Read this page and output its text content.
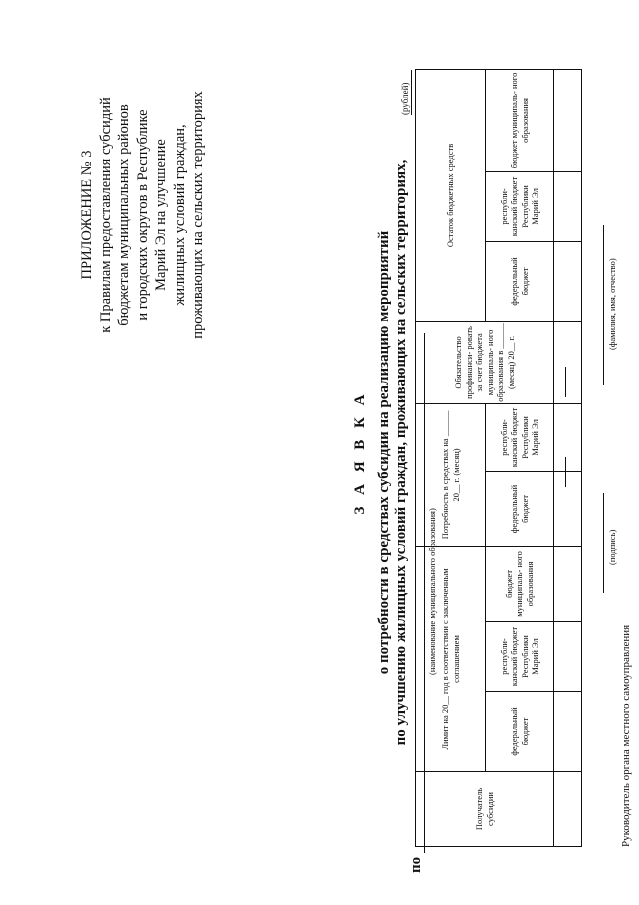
ПРИЛОЖЕНИЕ № 3 к Правилам предоставления субсидий бюджетам муниципальных районов и городских округов в Республике Марий Эл на улучшение жилищных условий граждан, проживающих на сельских территориях
З А Я В К А о потребности в средствах субсидии на реализацию мероприятий по улучшению жилищных условий граждан, проживающих на сельских территориях,
по
(наименование муниципального образования)
(рублей)
Получатель субсидии	Лимит на 20__ год в соответствии с заключенным соглашением			Потребность в средствах на ______ 20__ г. (месяц)		Обязательство профинанси- ровать за счет бюджета муниципаль- ного образования в ______ (месяц) 20__ г.	Остаток бюджетных средств		
	федеральный бюджет	республи- канский бюджет Республики Марий Эл	бюджет муниципаль- ного образования	федеральный бюджет	республи- канский бюджет Республики Марий Эл		федеральный бюджет	республи- канский бюджет Республики Марий Эл	бюджет муниципаль- ного образования

Руководитель органа местного самоуправления
(подпись)
(фамилия, имя, отчество)
